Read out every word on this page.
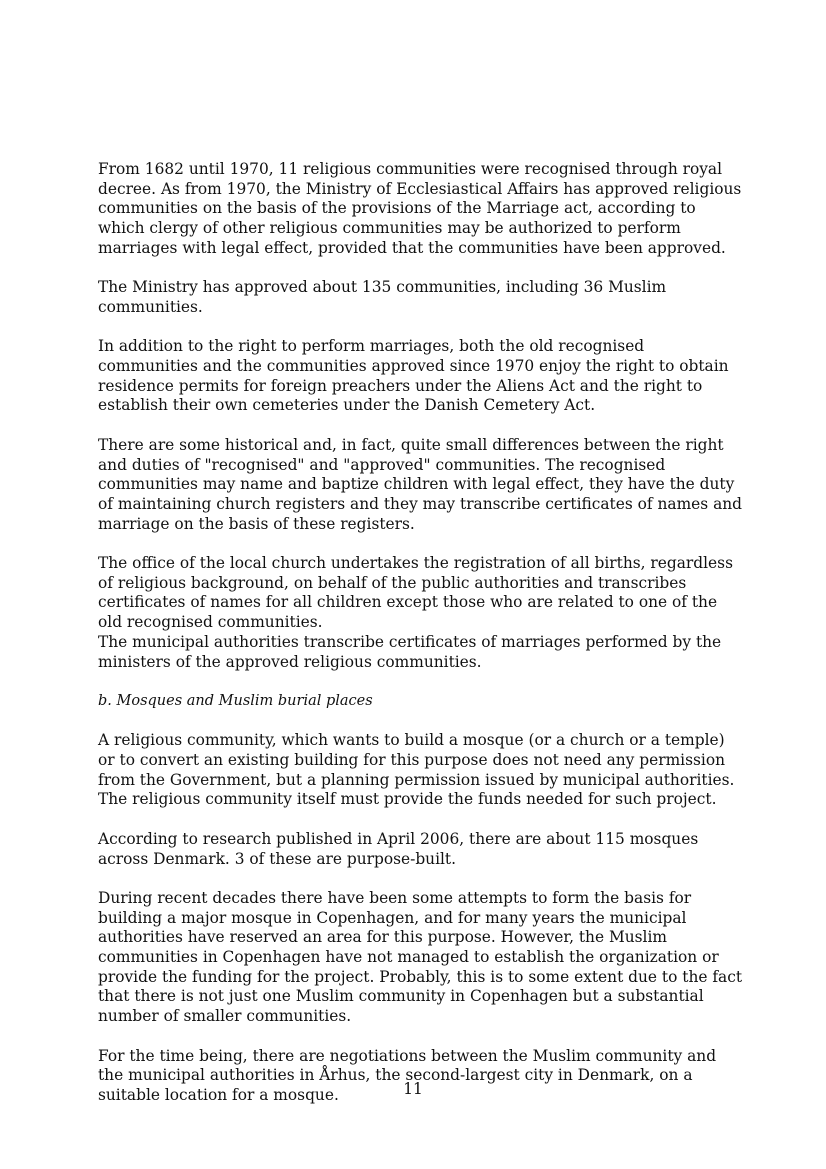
From 1682 until 1970, 11 religious communities were recognised through royal decree. As from 1970, the Ministry of Ecclesiastical Affairs has approved religious communities on the basis of the provisions of the Marriage act, according to which clergy of other religious communities may be authorized to perform marriages with legal effect, provided that the communities have been approved.

The Ministry has approved about 135 communities, including 36 Muslim communities.

In addition to the right to perform marriages, both the old recognised communities and the communities approved since 1970 enjoy the right to obtain residence permits for foreign preachers under the Aliens Act and the right to establish their own cemeteries under the Danish Cemetery Act.

There are some historical and, in fact, quite small differences between the right and duties of "recognised" and "approved" communities. The recognised communities may name and baptize children with legal effect, they have the duty of maintaining church registers and they may transcribe certificates of names and marriage on the basis of these registers.

The office of the local church undertakes the registration of all births, regardless of religious background, on behalf of the public authorities and transcribes certificates of names for all children except those who are related to one of the old recognised communities.

The municipal authorities transcribe certificates of marriages performed by the ministers of the approved religious communities.

b. Mosques and Muslim burial places

A religious community, which wants to build a mosque (or a church or a temple) or to convert an existing building for this purpose does not need any permission from the Government, but a planning permission issued by municipal authorities. The religious community itself must provide the funds needed for such project.

According to research published in April 2006, there are about 115 mosques across Denmark. 3 of these are purpose-built.

During recent decades there have been some attempts to form the basis for building a major mosque in Copenhagen, and for many years the municipal authorities have reserved an area for this purpose. However, the Muslim communities in Copenhagen have not managed to establish the organization or provide the funding for the project. Probably, this is to some extent due to the fact that there is not just one Muslim community in Copenhagen but a substantial number of smaller communities.

For the time being, there are negotiations between the Muslim community and the municipal authorities in Århus, the second-largest city in Denmark, on a suitable location for a mosque.	11
